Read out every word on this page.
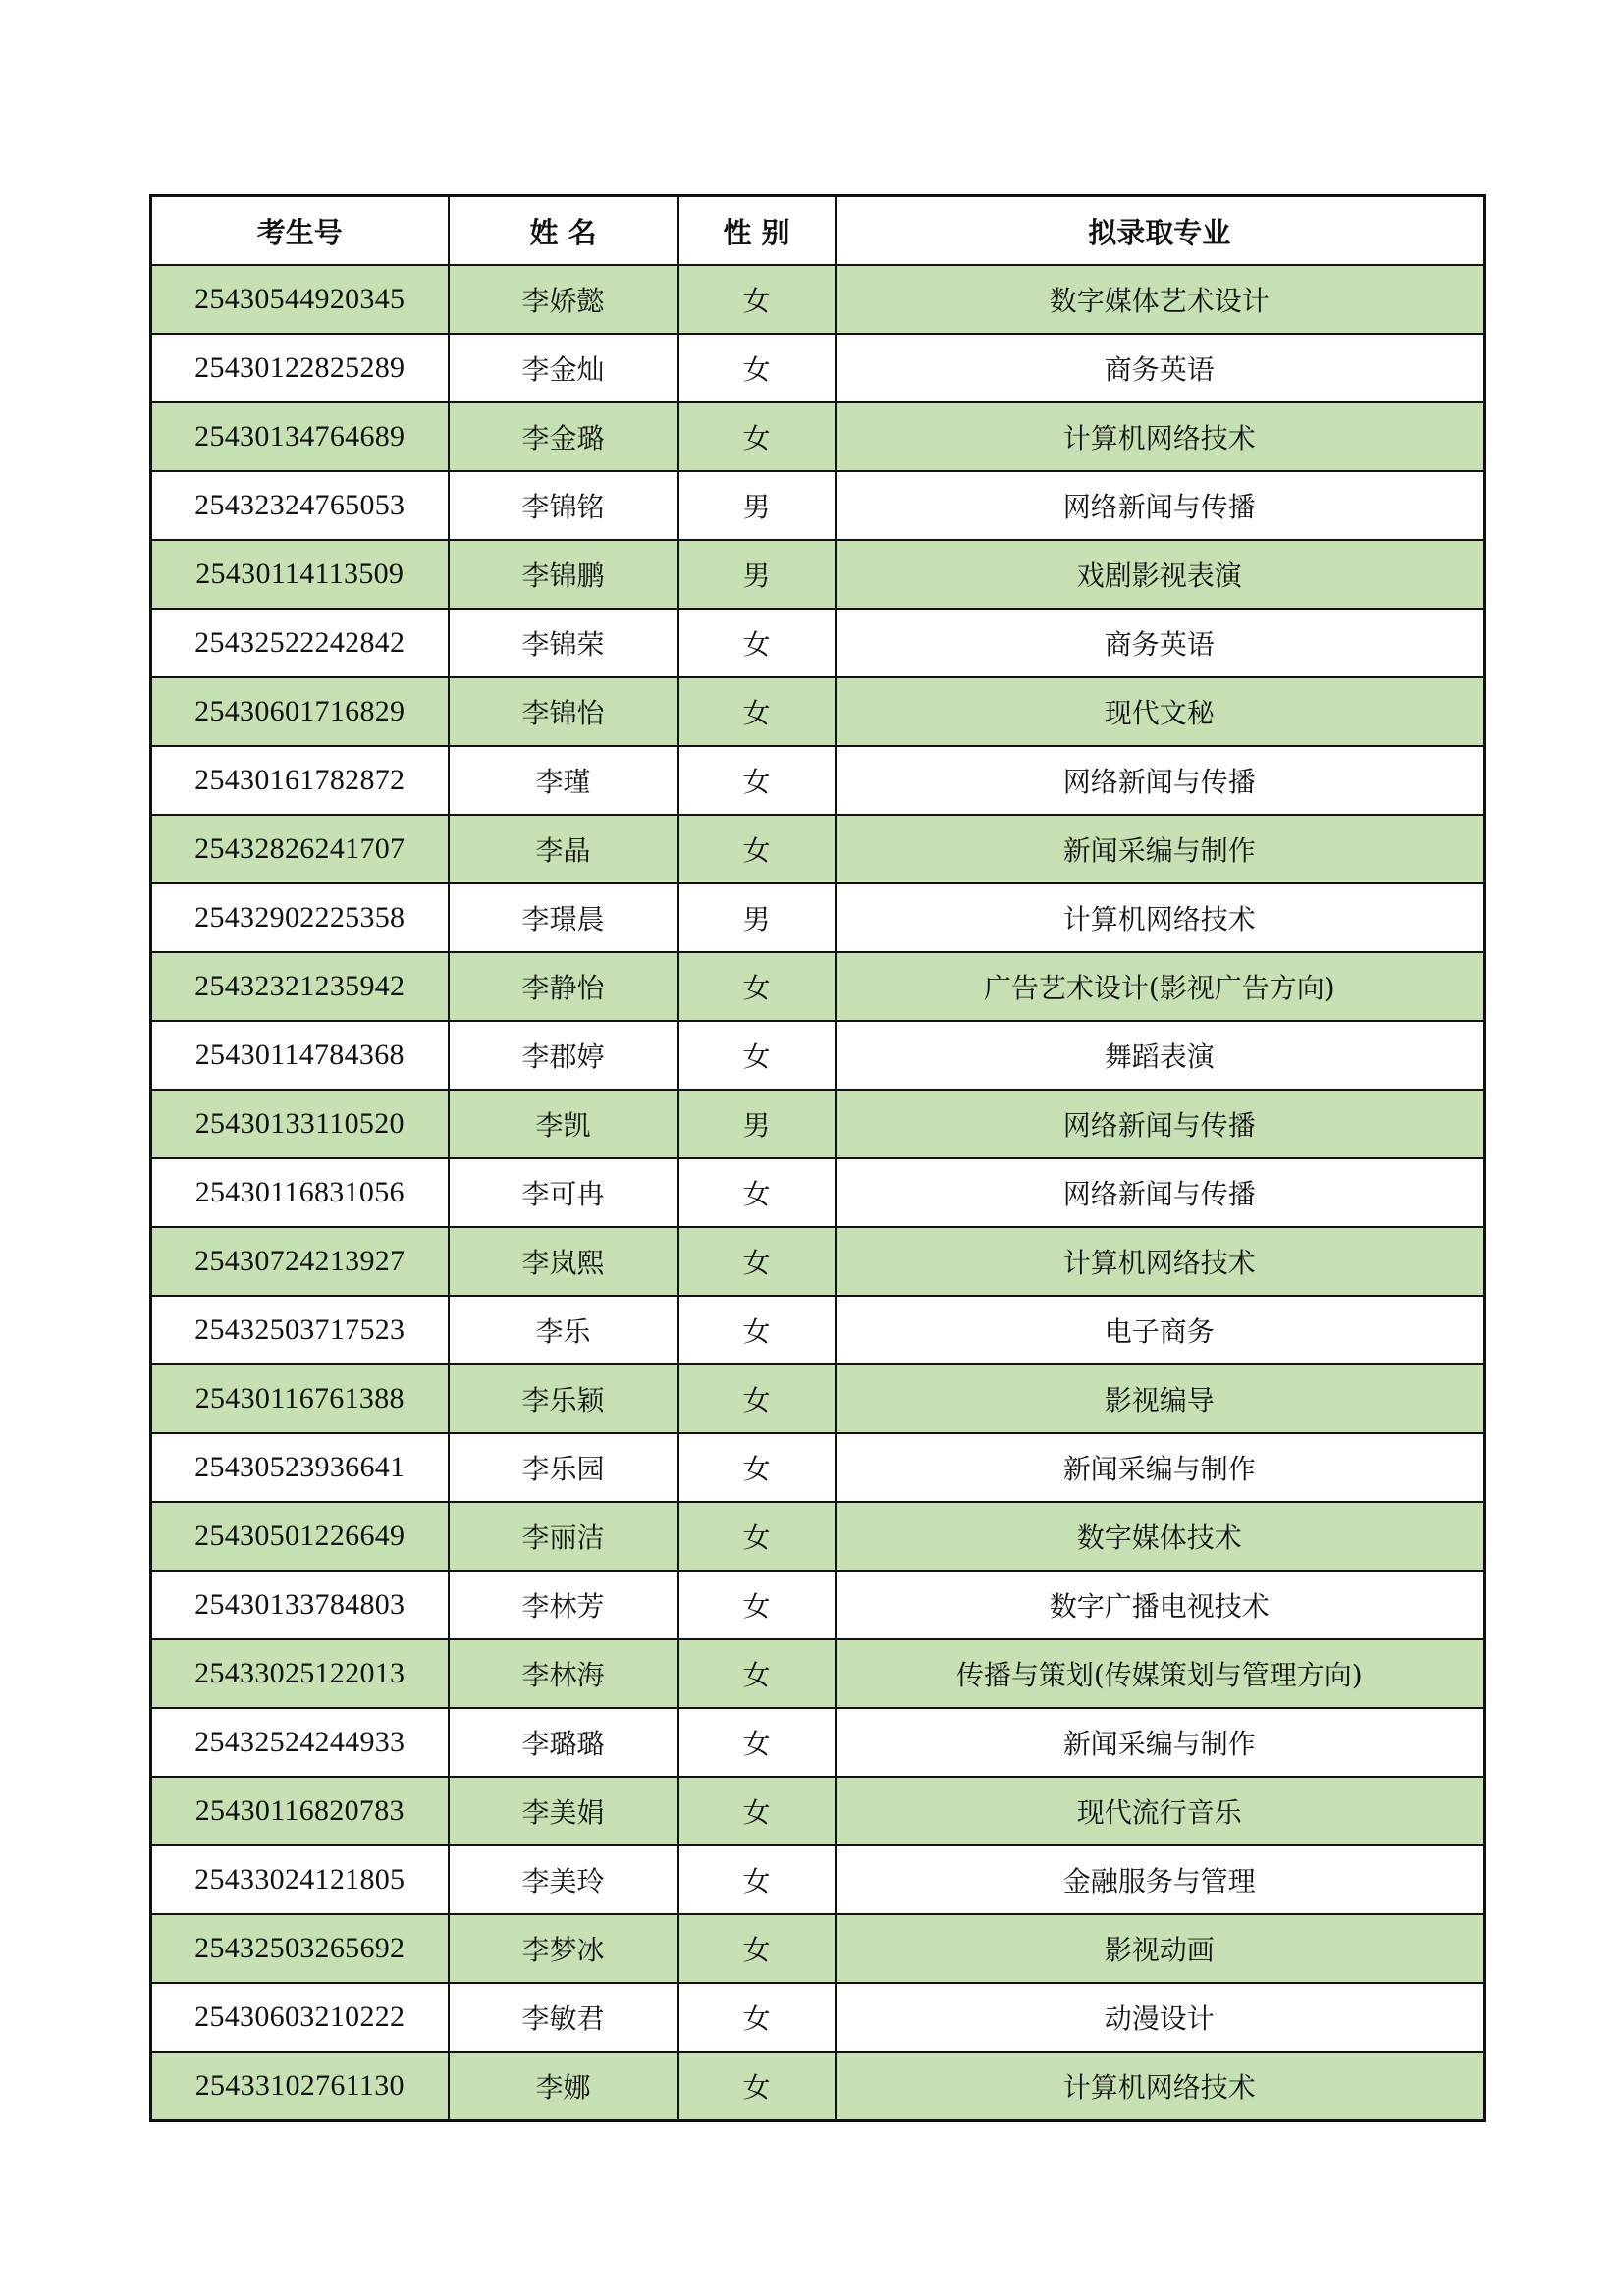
考生号	姓 名	性 别	拟录取专业
25430544920345	李娇懿	女	数字媒体艺术设计
25430122825289	李金灿	女	商务英语
25430134764689	李金璐	女	计算机网络技术
25432324765053	李锦铭	男	网络新闻与传播
25430114113509	李锦鹏	男	戏剧影视表演
25432522242842	李锦荣	女	商务英语
25430601716829	李锦怡	女	现代文秘
25430161782872	李瑾	女	网络新闻与传播
25432826241707	李晶	女	新闻采编与制作
25432902225358	李璟晨	男	计算机网络技术
25432321235942	李静怡	女	广告艺术设计(影视广告方向)
25430114784368	李郡婷	女	舞蹈表演
25430133110520	李凯	男	网络新闻与传播
25430116831056	李可冉	女	网络新闻与传播
25430724213927	李岚熙	女	计算机网络技术
25432503717523	李乐	女	电子商务
25430116761388	李乐颖	女	影视编导
25430523936641	李乐园	女	新闻采编与制作
25430501226649	李丽洁	女	数字媒体技术
25430133784803	李林芳	女	数字广播电视技术
25433025122013	李林海	女	传播与策划(传媒策划与管理方向)
25432524244933	李璐璐	女	新闻采编与制作
25430116820783	李美娟	女	现代流行音乐
25433024121805	李美玲	女	金融服务与管理
25432503265692	李梦冰	女	影视动画
25430603210222	李敏君	女	动漫设计
25433102761130	李娜	女	计算机网络技术
